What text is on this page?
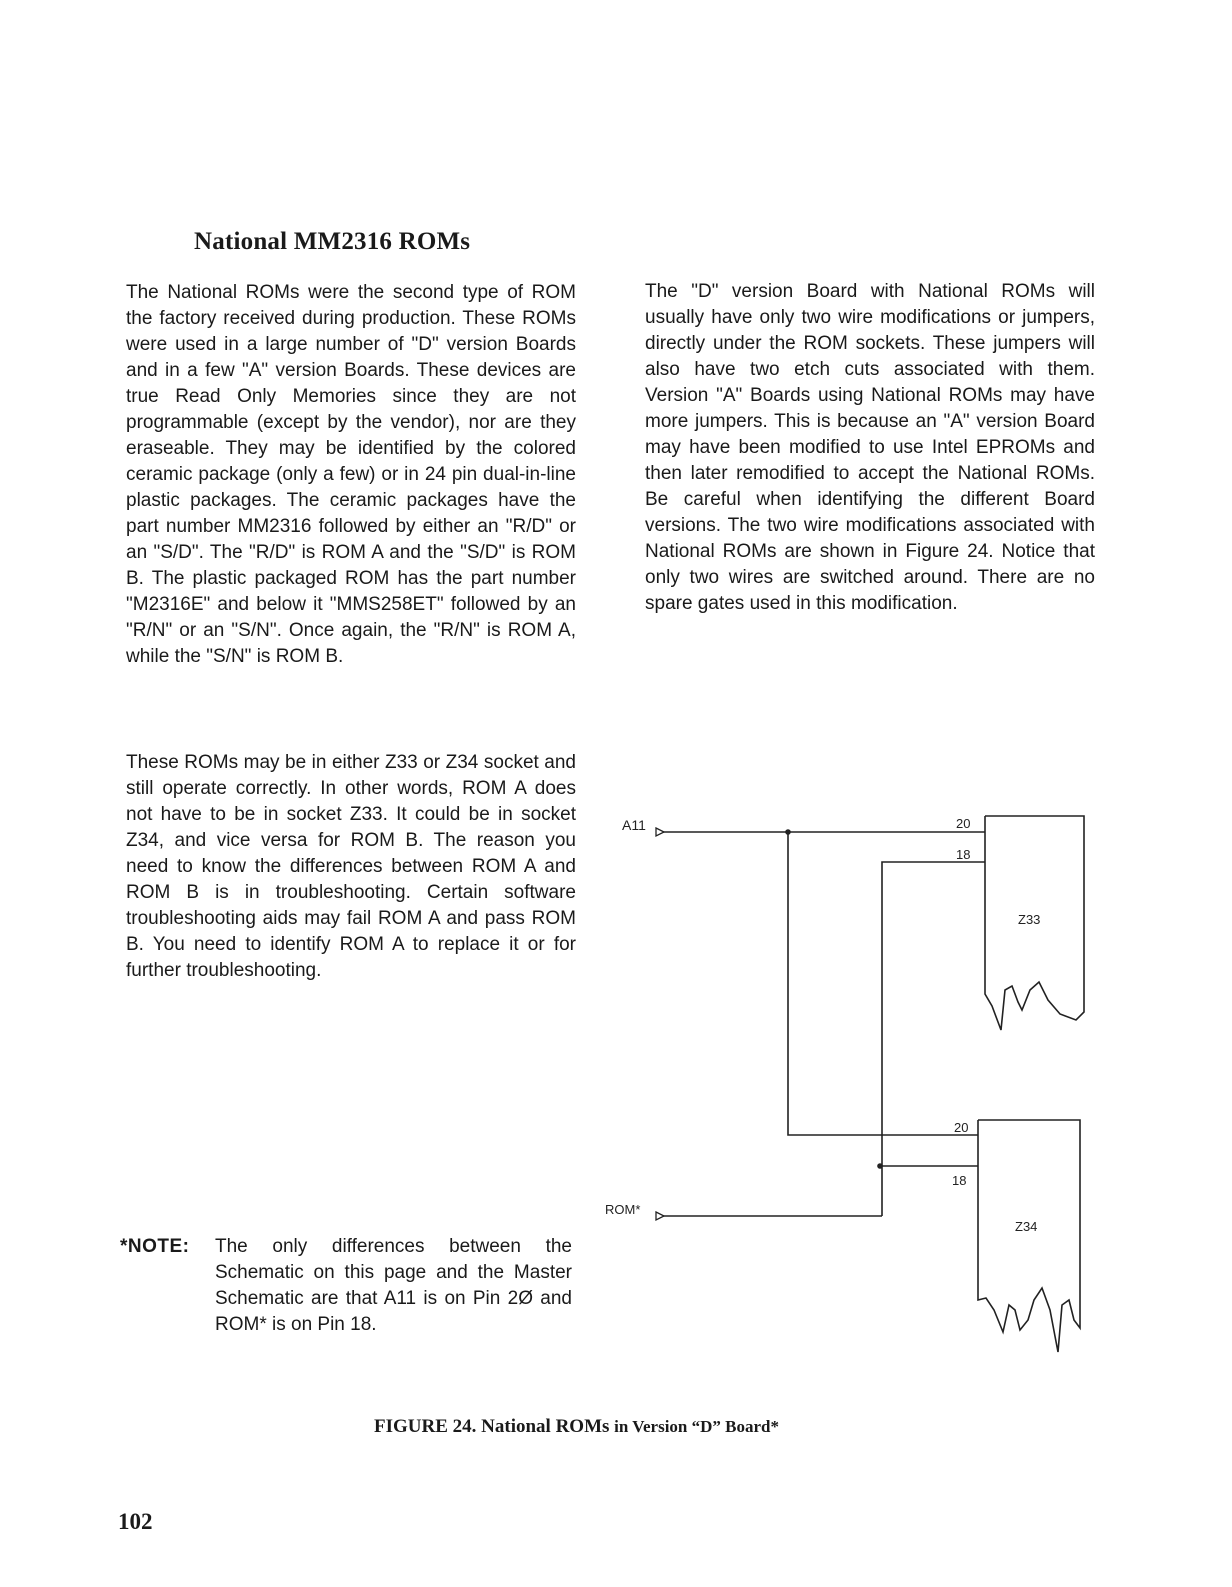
National MM2316 ROMs

The National ROMs were the second type of ROM the factory received during production. These ROMs were used in a large number of "D" version Boards and in a few "A" version Boards. These devices are true Read Only Memories since they are not programmable (except by the vendor), nor are they eraseable. They may be identified by the colored ceramic package (only a few) or in 24 pin dual-in-line plastic packages. The ceramic packages have the part number MM2316 followed by either an "R/D" or an "S/D". The "R/D" is ROM A and the "S/D" is ROM B. The plastic packaged ROM has the part number "M2316E" and below it "MMS258ET" followed by an "R/N" or an "S/N". Once again, the "R/N" is ROM A, while the "S/N" is ROM B.

These ROMs may be in either Z33 or Z34 socket and still operate correctly. In other words, ROM A does not have to be in socket Z33. It could be in socket Z34, and vice versa for ROM B. The reason you need to know the differences between ROM A and ROM B is in troubleshooting. Certain software troubleshooting aids may fail ROM A and pass ROM B. You need to identify ROM A to replace it or for further troubleshooting.

The "D" version Board with National ROMs will usually have only two wire modifications or jumpers, directly under the ROM sockets. These jumpers will also have two etch cuts associated with them. Version "A" Boards using National ROMs may have more jumpers. This is because an "A" version Board may have been modified to use Intel EPROMs and then later remodified to accept the National ROMs. Be careful when identifying the different Board versions. The two wire modifications associated with National ROMs are shown in Figure 24. Notice that only two wires are switched around. There are no spare gates used in this modification.

*NOTE: The only differences between the Schematic on this page and the Master Schematic are that A11 is on Pin 2Ø and ROM* is on Pin 18.

A11
ROM*
20
18
Z33
20
18
Z34
FIGURE 24. National ROMs in Version “D” Board*
102
